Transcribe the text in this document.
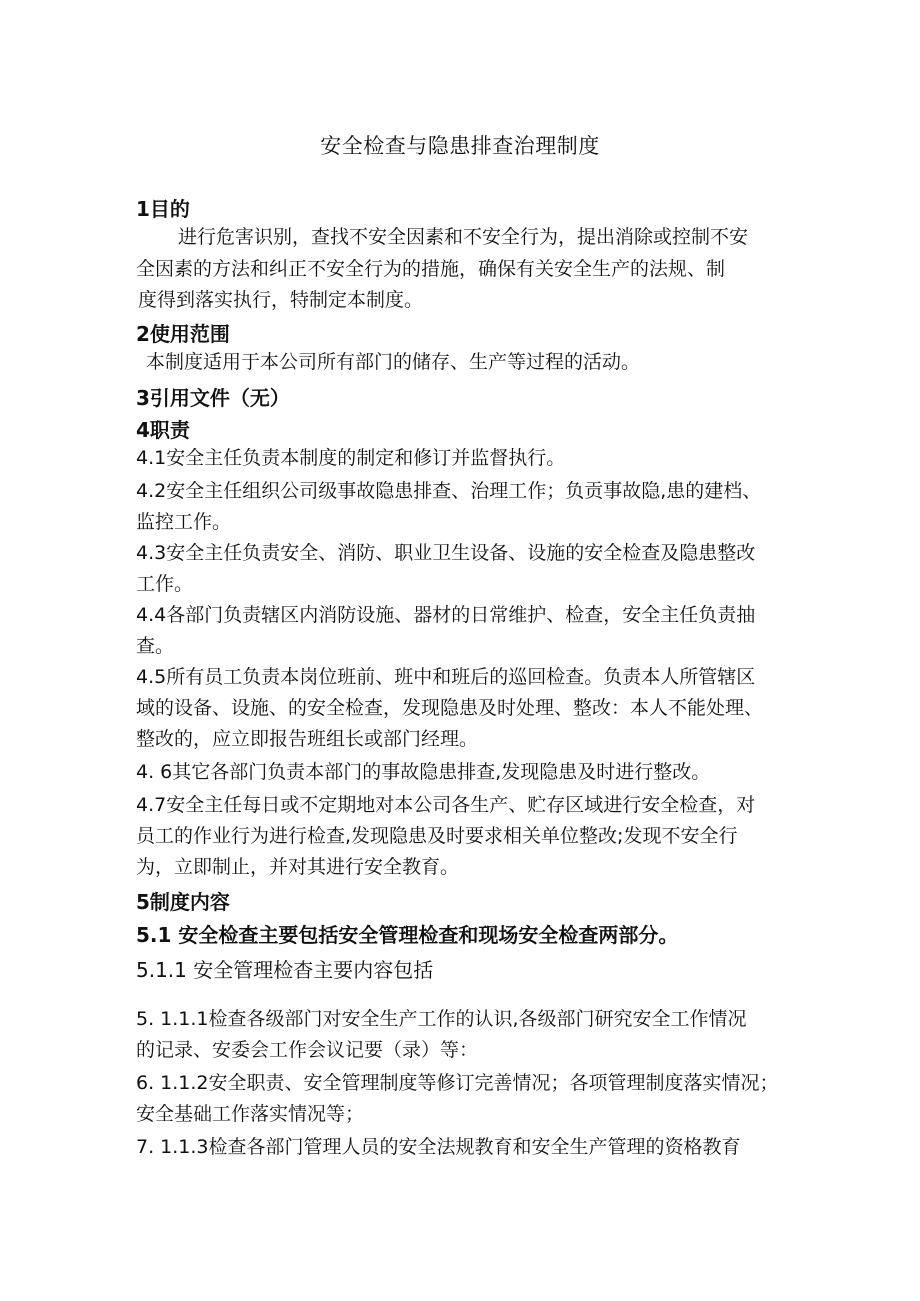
安全检查与隐患排查治理制度
1目的
进行危害识别，查找不安全因素和不安全行为，提出消除或控制不安
全因素的方法和纠正不安全行为的措施，确保有关安全生产的法规、制
度得到落实执行，特制定本制度。
2使用范围
本制度适用于本公司所有部门的储存、生产等过程的活动。
3引用文件（无）
4职责
4.1安全主任负责本制度的制定和修订并监督执行。
4.2安全主任组织公司级事故隐患排查、治理工作；负贡事故隐,患的建档、
监控工作。
4.3安全主任负责安全、消防、职业卫生设备、设施的安全检查及隐患整改
工作。
4.4各部门负责辖区内消防设施、器材的日常维护、检查，安全主任负责抽
查。
4.5所有员工负责本岗位班前、班中和班后的巡回检查。负责本人所管辖区
域的设备、设施、的安全检查，发现隐患及时处理、整改：本人不能处理、
整改的，应立即报告班组长或部门经理。
4. 6其它各部门负责本部门的事故隐患排查,发现隐患及时进行整改。
4.7安全主任每日或不定期地对本公司各生产、贮存区域进行安全检查，对
员工的作业行为进行检查,发现隐患及时要求相关单位整改;发现不安全行
为，立即制止，并对其进行安全教育。
5制度内容
5.1 安全检查主要包括安全管理检查和现场安全检查两部分。
5.1.1 安全管理检杳主要内容包括
5. 1.1.1检查各级部门对安全生产工作的认识,各级部门研究安全工作情况
的记录、安委会工作会议记要（录）等：
6. 1.1.2安全职责、安全管理制度等修订完善情况；各项管理制度落实情况；
安全基础工作落实情况等；
7. 1.1.3检查各部门管理人员的安全法规教育和安全生产管理的资格教育
